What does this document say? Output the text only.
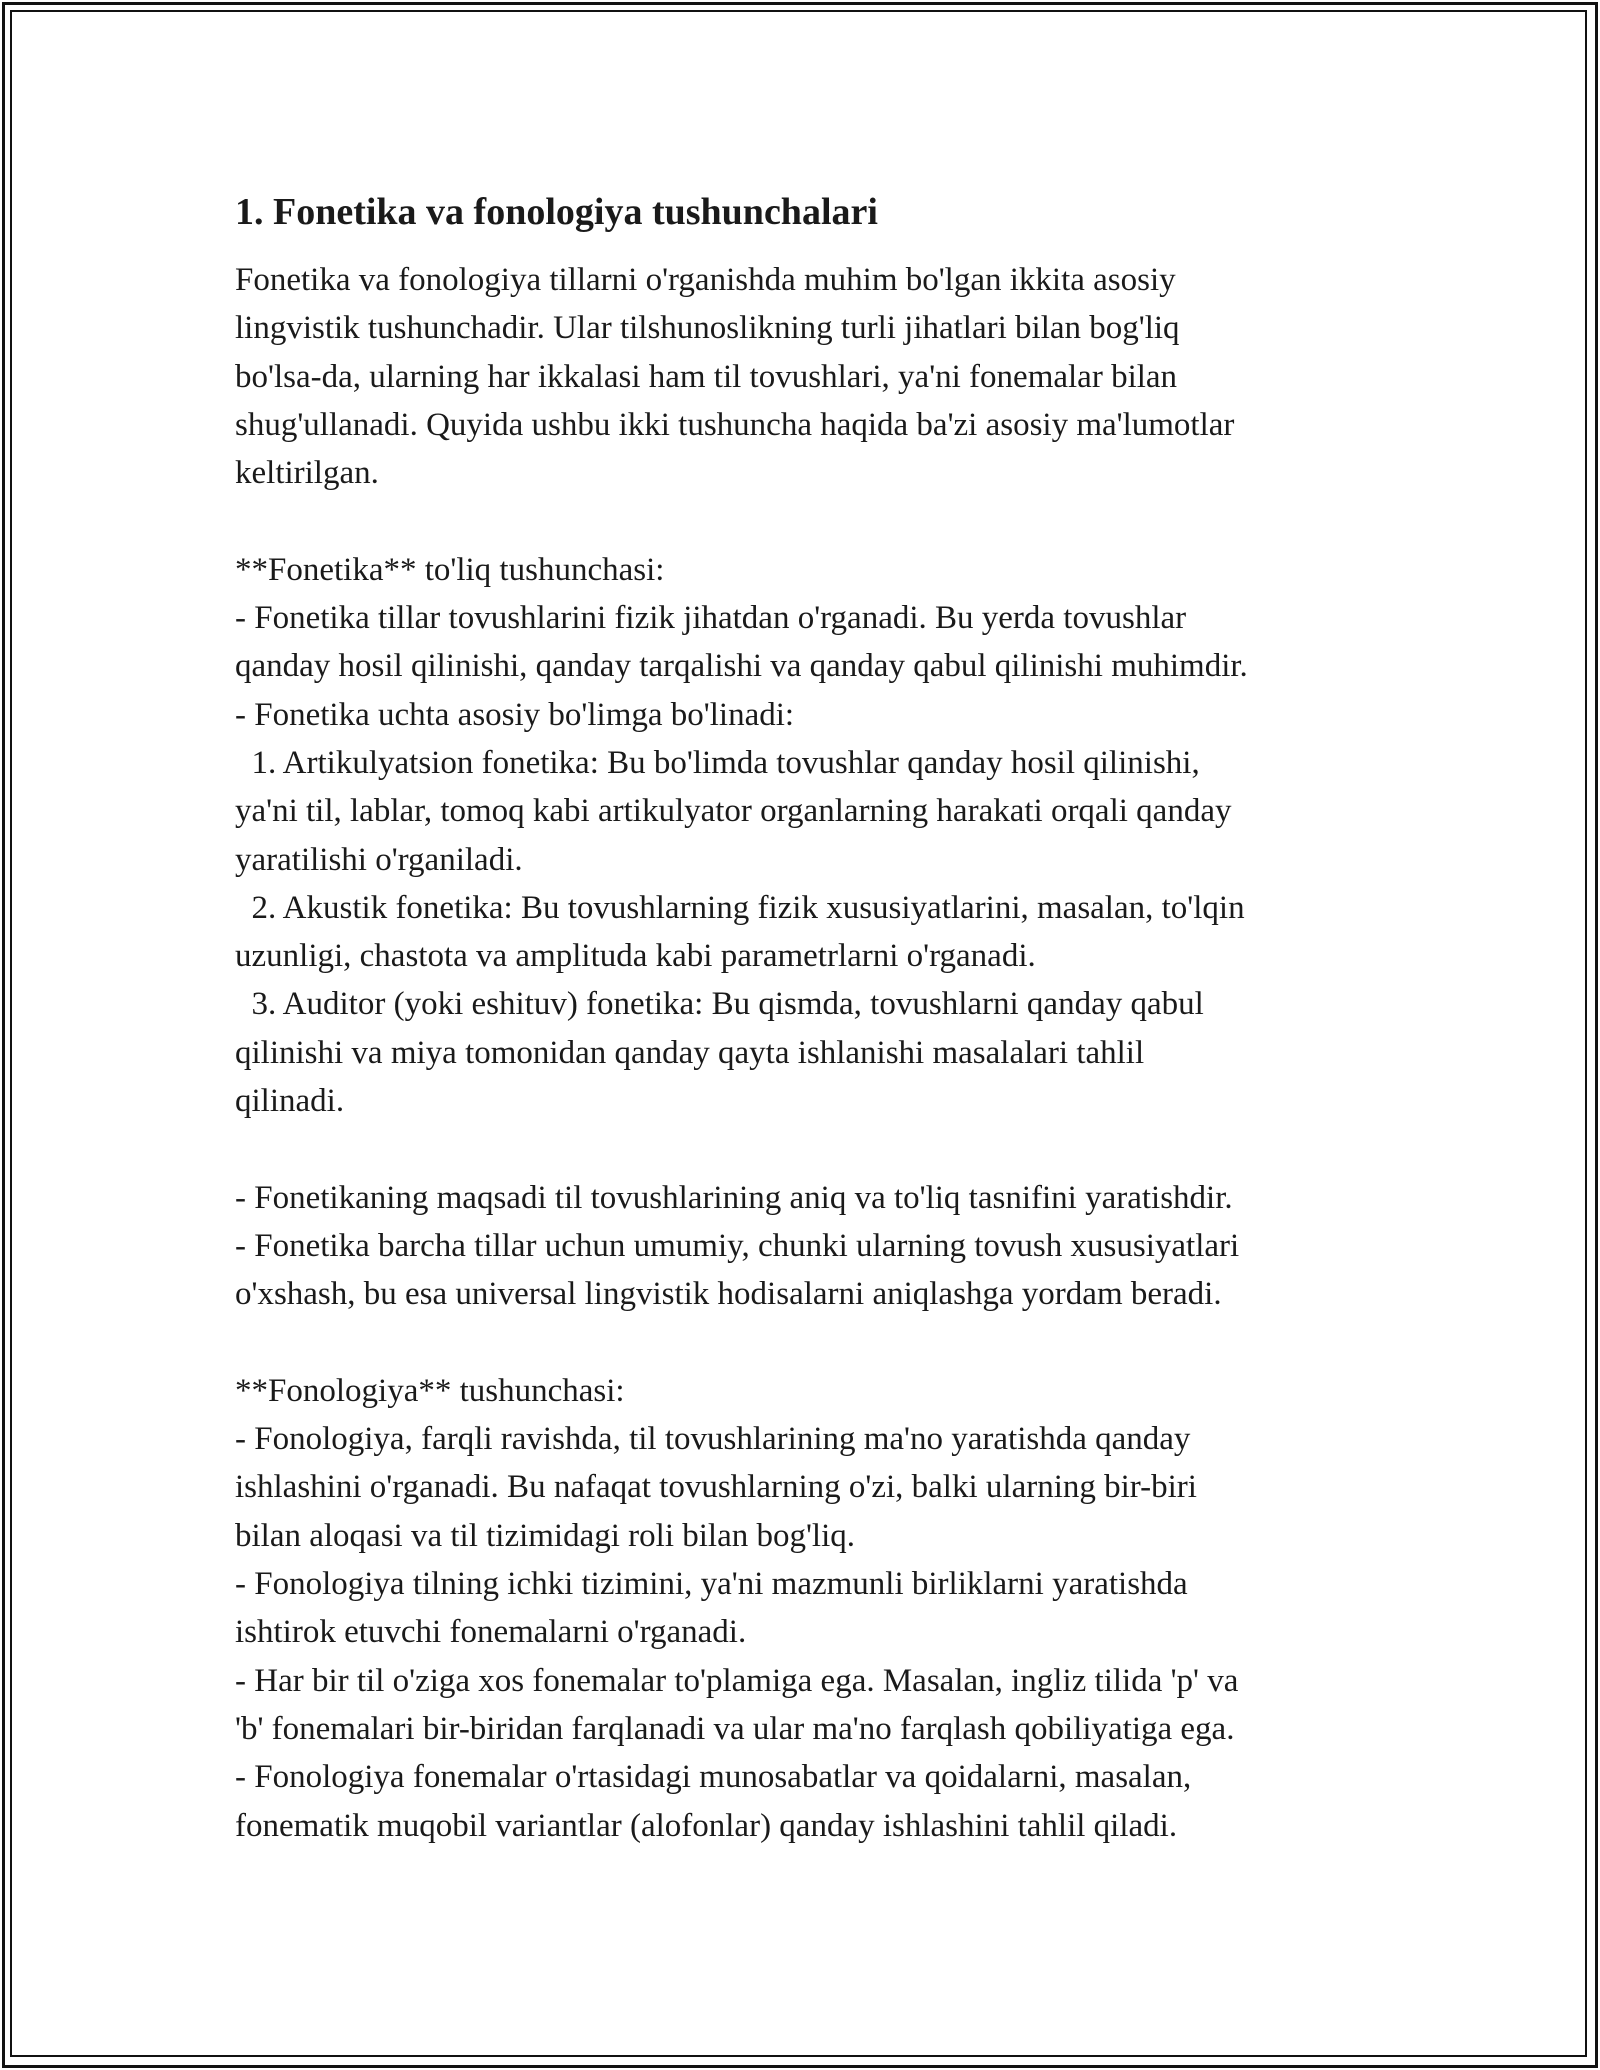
1. Fonetika va fonologiya tushunchalari
Fonetika va fonologiya tillarni o'rganishda muhim bo'lgan ikkita asosiy
lingvistik tushunchadir. Ular tilshunoslikning turli jihatlari bilan bog'liq
bo'lsa-da, ularning har ikkalasi ham til tovushlari, ya'ni fonemalar bilan
shug'ullanadi. Quyida ushbu ikki tushuncha haqida ba'zi asosiy ma'lumotlar
keltirilgan.
**Fonetika** to'liq tushunchasi:
- Fonetika tillar tovushlarini fizik jihatdan o'rganadi. Bu yerda tovushlar
qanday hosil qilinishi, qanday tarqalishi va qanday qabul qilinishi muhimdir.
- Fonetika uchta asosiy bo'limga bo'linadi:
1. Artikulyatsion fonetika: Bu bo'limda tovushlar qanday hosil qilinishi,
ya'ni til, lablar, tomoq kabi artikulyator organlarning harakati orqali qanday
yaratilishi o'rganiladi.
2. Akustik fonetika: Bu tovushlarning fizik xususiyatlarini, masalan, to'lqin
uzunligi, chastota va amplituda kabi parametrlarni o'rganadi.
3. Auditor (yoki eshituv) fonetika: Bu qismda, tovushlarni qanday qabul
qilinishi va miya tomonidan qanday qayta ishlanishi masalalari tahlil
qilinadi.
- Fonetikaning maqsadi til tovushlarining aniq va to'liq tasnifini yaratishdir.
- Fonetika barcha tillar uchun umumiy, chunki ularning tovush xususiyatlari
o'xshash, bu esa universal lingvistik hodisalarni aniqlashga yordam beradi.
**Fonologiya** tushunchasi:
- Fonologiya, farqli ravishda, til tovushlarining ma'no yaratishda qanday
ishlashini o'rganadi. Bu nafaqat tovushlarning o'zi, balki ularning bir-biri
bilan aloqasi va til tizimidagi roli bilan bog'liq.
- Fonologiya tilning ichki tizimini, ya'ni mazmunli birliklarni yaratishda
ishtirok etuvchi fonemalarni o'rganadi.
- Har bir til o'ziga xos fonemalar to'plamiga ega. Masalan, ingliz tilida 'p' va
'b' fonemalari bir-biridan farqlanadi va ular ma'no farqlash qobiliyatiga ega.
- Fonologiya fonemalar o'rtasidagi munosabatlar va qoidalarni, masalan,
fonematik muqobil variantlar (alofonlar) qanday ishlashini tahlil qiladi.
